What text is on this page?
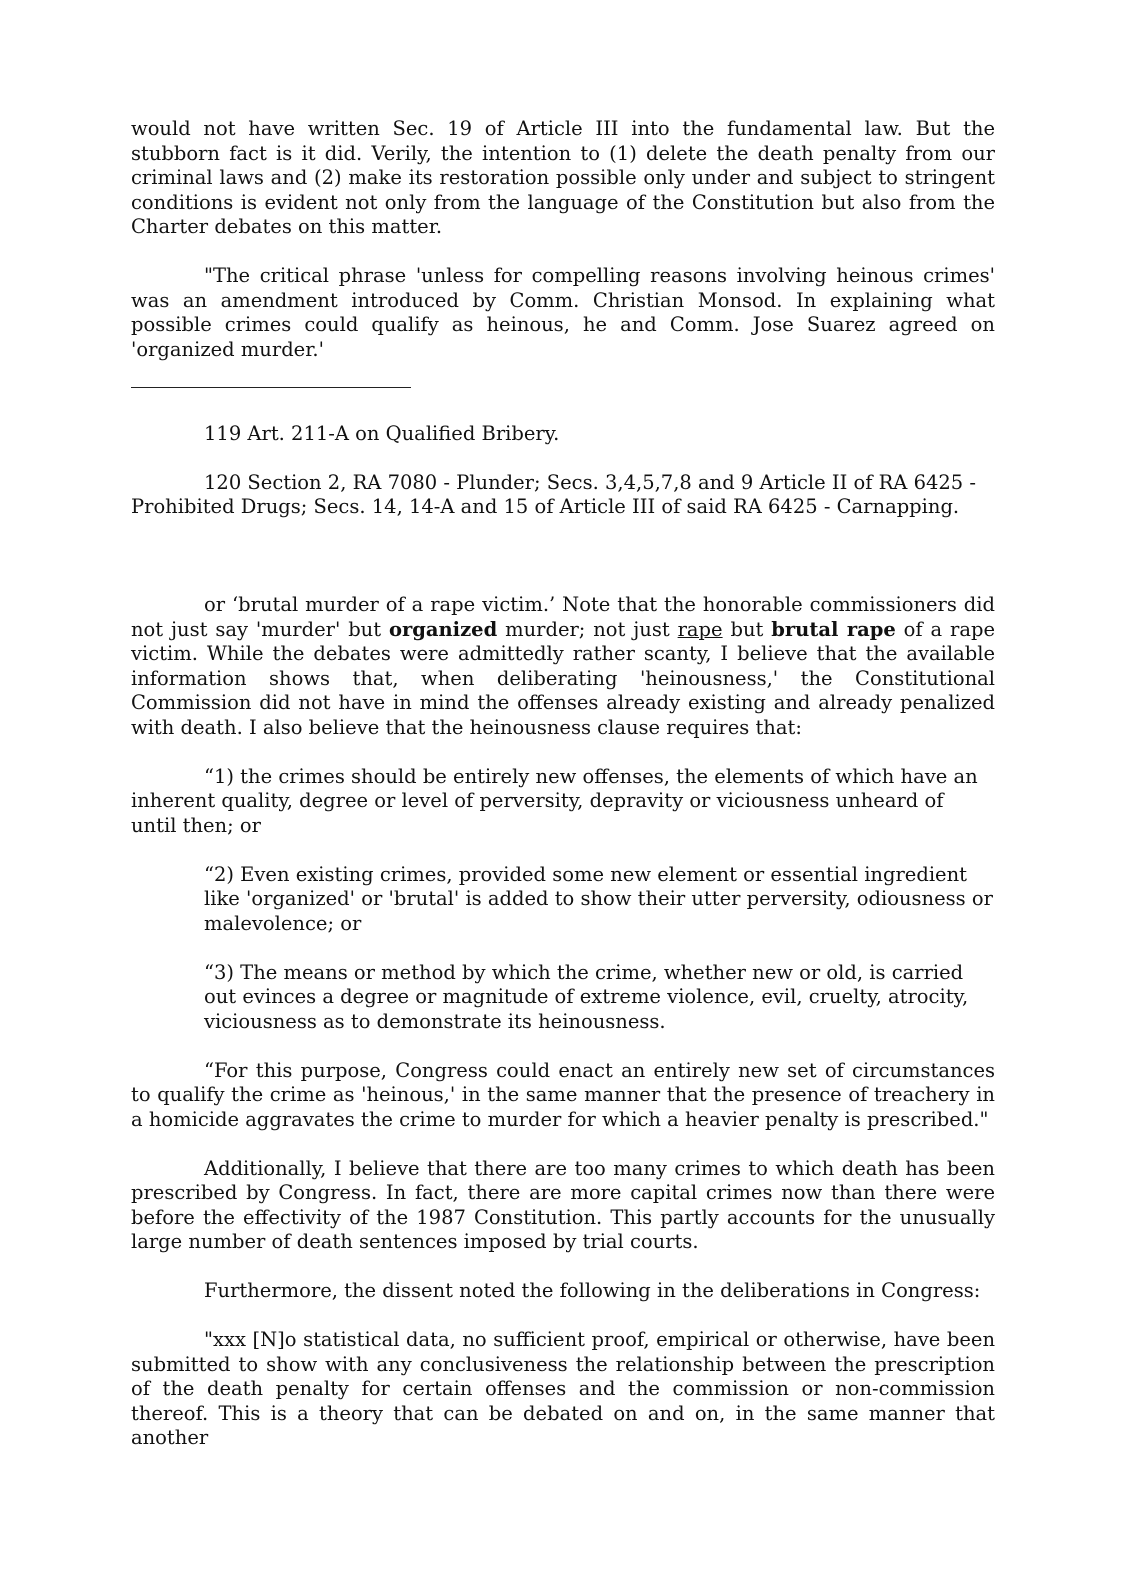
would not have written Sec. 19 of Article III into the fundamental law. But the stubborn fact is it did. Verily, the intention to (1) delete the death penalty from our criminal laws and (2) make its restoration possible only under and subject to stringent conditions is evident not only from the language of the Constitution but also from the Charter debates on this matter.

"The critical phrase 'unless for compelling reasons involving heinous crimes' was an amendment introduced by Comm. Christian Monsod. In explaining what possible crimes could qualify as heinous, he and Comm. Jose Suarez agreed on 'organized murder.'

119 Art. 211-A on Qualified Bribery.

120 Section 2, RA 7080 - Plunder; Secs. 3,4,5,7,8 and 9 Article II of RA 6425 - Prohibited Drugs; Secs. 14, 14-A and 15 of Article III of said RA 6425 - Carnapping.

or ‘brutal murder of a rape victim.’ Note that the honorable commissioners did not just say 'murder' but organized murder; not just rape but brutal rape of a rape victim. While the debates were admittedly rather scanty, I believe that the available information shows that, when deliberating 'heinousness,' the Constitutional Commission did not have in mind the offenses already existing and already penalized with death. I also believe that the heinousness clause requires that:

“1) the crimes should be entirely new offenses, the elements of which have an inherent quality, degree or level of perversity, depravity or viciousness unheard of until then; or

“2) Even existing crimes, provided some new element or essential ingredient like 'organized' or 'brutal' is added to show their utter perversity, odiousness or malevolence; or

“3) The means or method by which the crime, whether new or old, is carried out evinces a degree or magnitude of extreme violence, evil, cruelty, atrocity, viciousness as to demonstrate its heinousness.

“For this purpose, Congress could enact an entirely new set of circumstances to qualify the crime as 'heinous,' in the same manner that the presence of treachery in a homicide aggravates the crime to murder for which a heavier penalty is prescribed."

Additionally, I believe that there are too many crimes to which death has been prescribed by Congress. In fact, there are more capital crimes now than there were before the effectivity of the 1987 Constitution. This partly accounts for the unusually large number of death sentences imposed by trial courts.

Furthermore, the dissent noted the following in the deliberations in Congress:

"xxx [N]o statistical data, no sufficient proof, empirical or otherwise, have been submitted to show with any conclusiveness the relationship between the prescription of the death penalty for certain offenses and the commission or non-commission thereof. This is a theory that can be debated on and on, in the same manner that another
